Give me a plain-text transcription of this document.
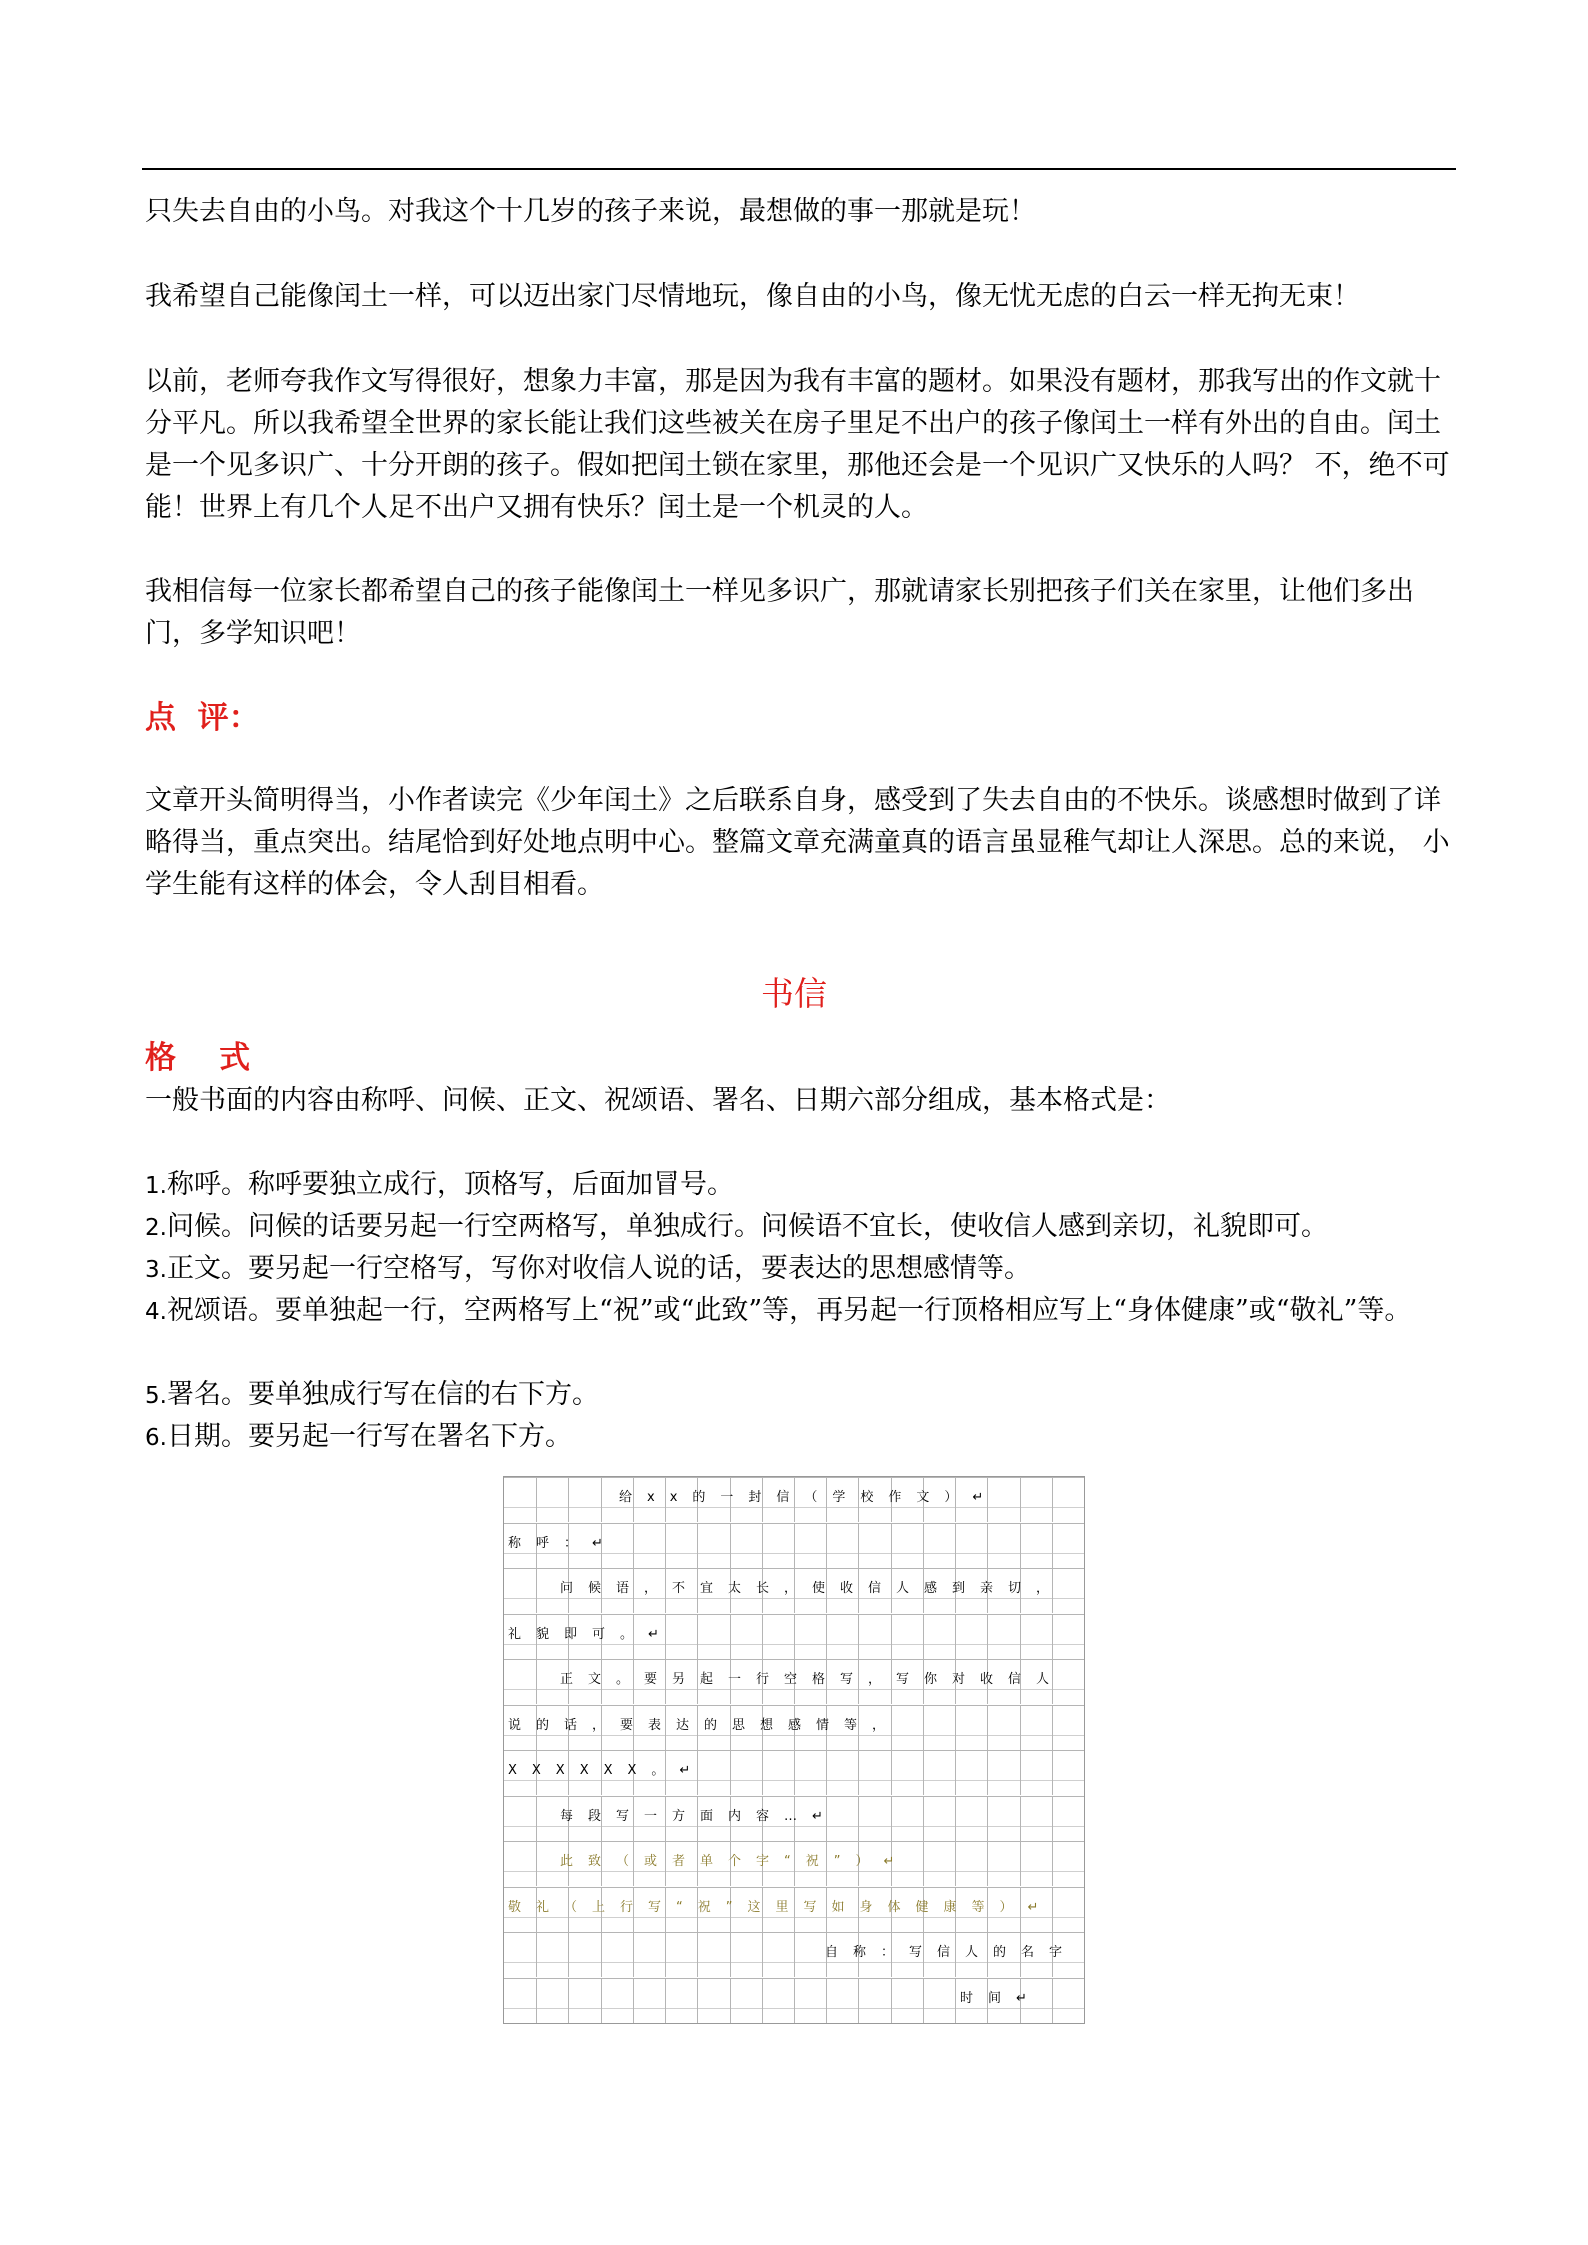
只失去自由的小鸟。对我这个十几岁的孩子来说，最想做的事一那就是玩！

我希望自己能像闰土一样，可以迈出家门尽情地玩，像自由的小鸟，像无忧无虑的白云一样无拘无束！

以前，老师夸我作文写得很好，想象力丰富，那是因为我有丰富的题材。如果没有题材，那我写出的作文就十分平凡。所以我希望全世界的家长能让我们这些被关在房子里足不出户的孩子像闰土一样有外出的自由。闰土是一个见多识广、十分开朗的孩子。假如把闰土锁在家里，那他还会是一个见识广又快乐的人吗？ 不，绝不可能！世界上有几个人足不出户又拥有快乐？闰土是一个机灵的人。

我相信每一位家长都希望自己的孩子能像闰土一样见多识广，那就请家长别把孩子们关在家里，让他们多出门，多学知识吧！

点  评：

文章开头简明得当，小作者读完《少年闰土》之后联系自身，感受到了失去自由的不快乐。谈感想时做到了详略得当，重点突出。结尾恰到好处地点明中心。整篇文章充满童真的语言虽显稚气却让人深思。总的来说， 小学生能有这样的体会，令人刮目相看。

书信
格    式

一般书面的内容由称呼、问候、正文、祝颂语、署名、日期六部分组成，基本格式是：

1.称呼。称呼要独立成行，顶格写，后面加冒号。

2.问候。问候的话要另起一行空两格写，单独成行。问候语不宜长，使收信人感到亲切，礼貌即可。

3.正文。要另起一行空格写，写你对收信人说的话，要表达的思想感情等。

4.祝颂语。要单独起一行，空两格写上“祝”或“此致”等，再另起一行顶格相应写上“身体健康”或“敬礼”等。

5.署名。要单独成行写在信的右下方。

6.日期。要另起一行写在署名下方。

给xx的一封信（学校作文）↵
称呼：↵
问候语，不宜太长，使收信人感到亲切，
礼貌即可。↵
正文。要另起一行空格写，写你对收信人
说的话，要表达的思想感情等，
XXXXXX。↵
每段写一方面内容…↵
此致（或者单个字“祝”）↵
敬礼（上行写“祝”这里写如身体健康等）↵
自称：写信人的名字
时间↵
